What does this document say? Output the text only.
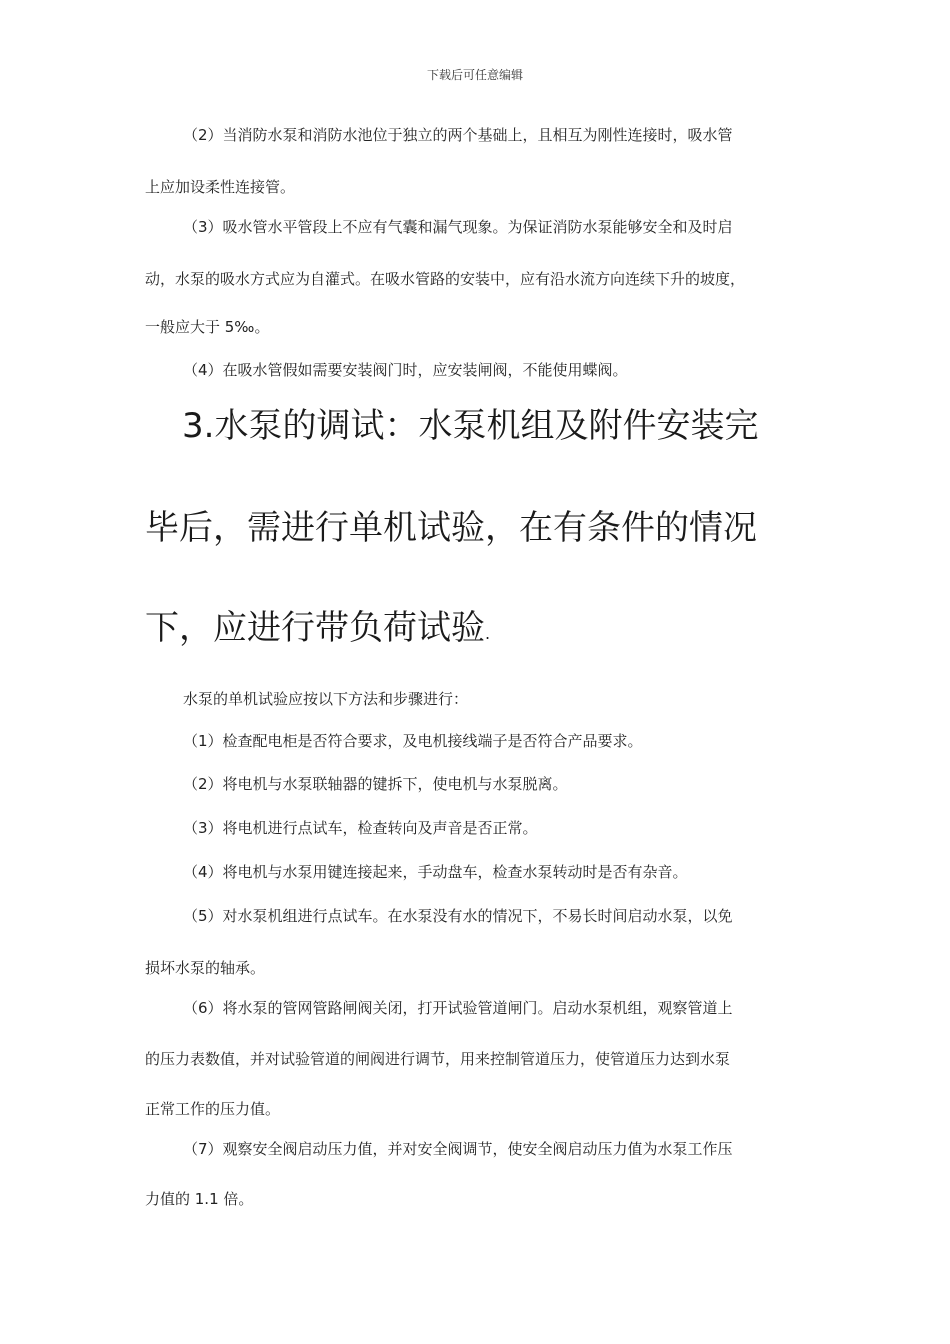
下载后可任意编辑
（2）当消防水泵和消防水池位于独立的两个基础上，且相互为刚性连接时，吸水管
上应加设柔性连接管。
（3）吸水管水平管段上不应有气囊和漏气现象。为保证消防水泵能够安全和及时启
动，水泵的吸水方式应为自灌式。在吸水管路的安装中，应有沿水流方向连续下升的坡度，
一般应大于 5‰。
（4）在吸水管假如需要安装阀门时，应安装闸阀，不能使用蝶阀。
3.水泵的调试：水泵机组及附件安装完
毕后，需进行单机试验，在有条件的情况
下，应进行带负荷试验.
水泵的单机试验应按以下方法和步骤进行：
（1）检查配电柜是否符合要求，及电机接线端子是否符合产品要求。
（2）将电机与水泵联轴器的键拆下，使电机与水泵脱离。
（3）将电机进行点试车，检查转向及声音是否正常。
（4）将电机与水泵用键连接起来，手动盘车，检查水泵转动时是否有杂音。
（5）对水泵机组进行点试车。在水泵没有水的情况下，不易长时间启动水泵，以免
损坏水泵的轴承。
（6）将水泵的管网管路闸阀关闭，打开试验管道闸门。启动水泵机组，观察管道上
的压力表数值，并对试验管道的闸阀进行调节，用来控制管道压力，使管道压力达到水泵
正常工作的压力值。
（7）观察安全阀启动压力值，并对安全阀调节，使安全阀启动压力值为水泵工作压
力值的 1.1 倍。
